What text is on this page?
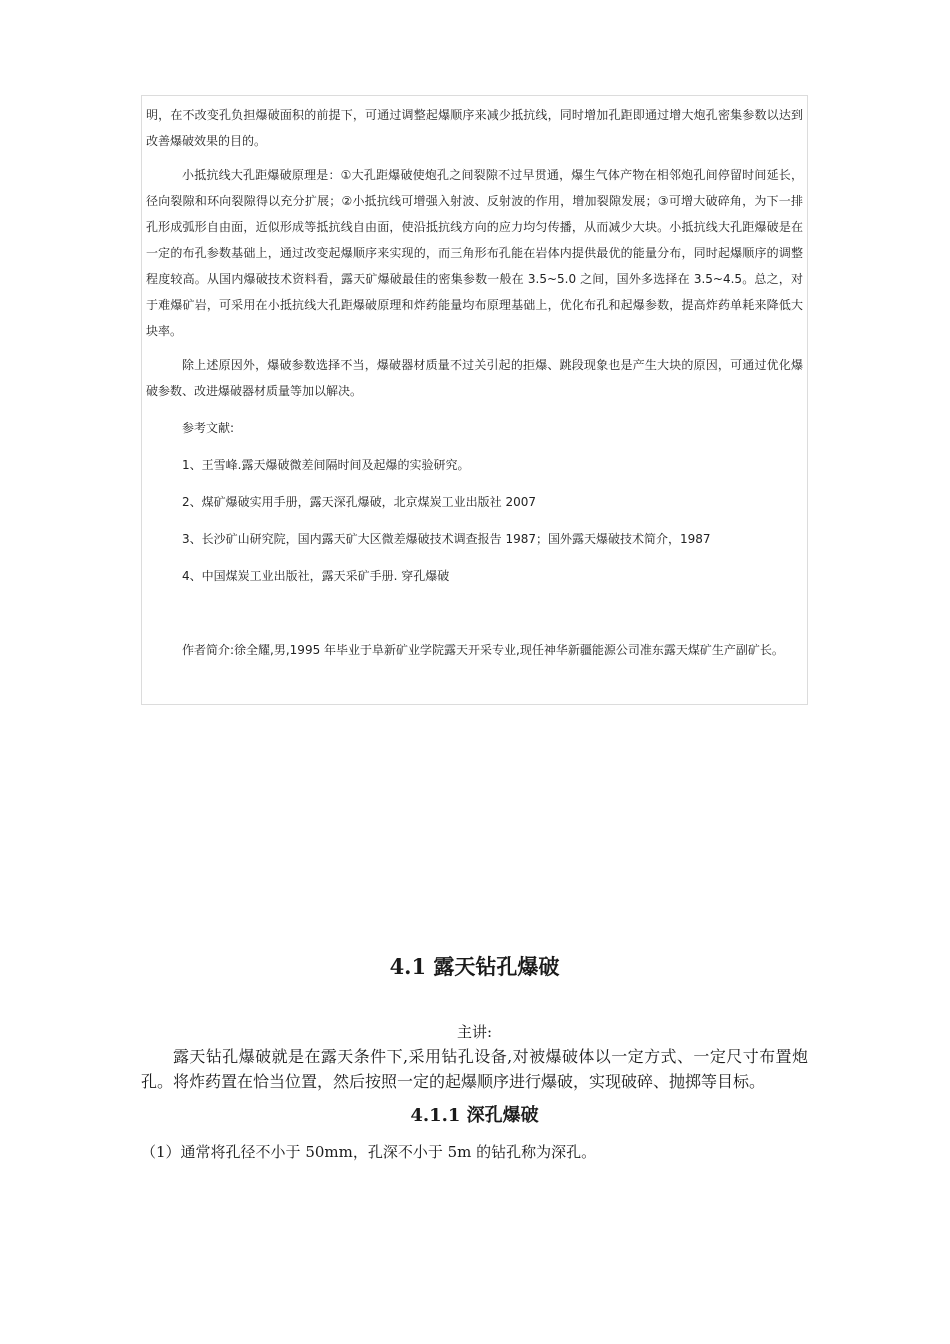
明，在不改变孔负担爆破面积的前提下，可通过调整起爆顺序来减少抵抗线，同时增加孔距即通过增大炮孔密集参数以达到改善爆破效果的目的。

小抵抗线大孔距爆破原理是：①大孔距爆破使炮孔之间裂隙不过早贯通，爆生气体产物在相邻炮孔间停留时间延长，径向裂隙和环向裂隙得以充分扩展；②小抵抗线可增强入射波、反射波的作用，增加裂隙发展；③可增大破碎角，为下一排孔形成弧形自由面，近似形成等抵抗线自由面，使沿抵抗线方向的应力均匀传播，从而减少大块。小抵抗线大孔距爆破是在一定的布孔参数基础上，通过改变起爆顺序来实现的，而三角形布孔能在岩体内提供最优的能量分布，同时起爆顺序的调整程度较高。从国内爆破技术资料看，露天矿爆破最佳的密集参数一般在 3.5~5.0 之间，国外多选择在 3.5~4.5。总之，对于难爆矿岩，可采用在小抵抗线大孔距爆破原理和炸药能量均布原理基础上，优化布孔和起爆参数，提高炸药单耗来降低大块率。

除上述原因外，爆破参数选择不当，爆破器材质量不过关引起的拒爆、跳段现象也是产生大块的原因，可通过优化爆破参数、改进爆破器材质量等加以解决。

参考文献:

1、王雪峰.露天爆破微差间隔时间及起爆的实验研究。

2、煤矿爆破实用手册，露天深孔爆破，北京煤炭工业出版社 2007

3、长沙矿山研究院，国内露天矿大区微差爆破技术调查报告 1987；国外露天爆破技术简介，1987

4、中国煤炭工业出版社，露天采矿手册. 穿孔爆破

作者简介:徐全耀,男,1995 年毕业于阜新矿业学院露天开采专业,现任神华新疆能源公司准东露天煤矿生产副矿长。

4.1 露天钻孔爆破

主讲:

露天钻孔爆破就是在露天条件下,采用钻孔设备,对被爆破体以一定方式、一定尺寸布置炮孔。将炸药置在恰当位置，然后按照一定的起爆顺序进行爆破，实现破碎、抛掷等目标。

4.1.1 深孔爆破

（1）通常将孔径不小于 50mm，孔深不小于 5m 的钻孔称为深孔。
